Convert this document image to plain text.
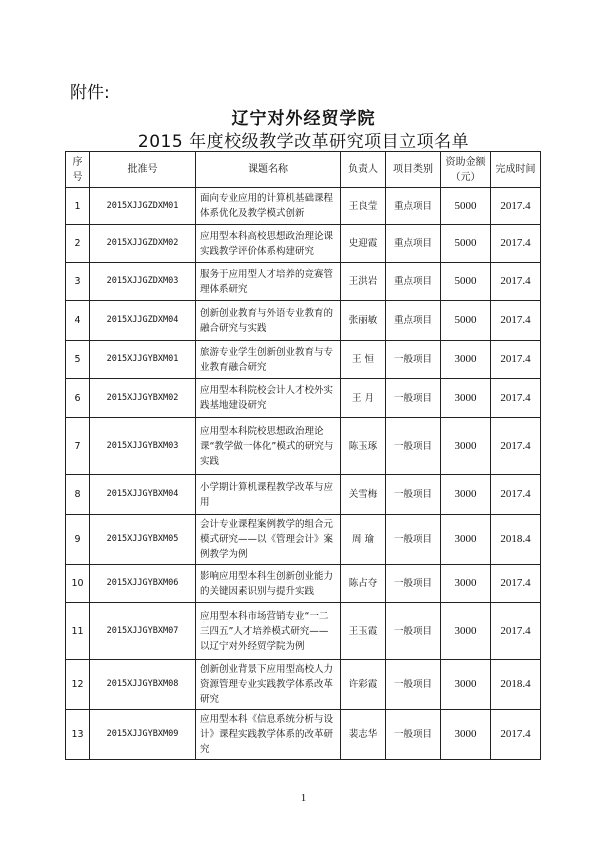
附件:
辽宁对外经贸学院
2015 年度校级教学改革研究项目立项名单
序号	批准号	课题名称	负责人	项目类别	资助金额（元）	完成时间
1	2015XJJGZDXM01	面向专业应用的计算机基础课程体系优化及教学模式创新	王良莹	重点项目	5000	2017.4
2	2015XJJGZDXM02	应用型本科高校思想政治理论课实践教学评价体系构建研究	史迎霞	重点项目	5000	2017.4
3	2015XJJGZDXM03	服务于应用型人才培养的竞赛管理体系研究	王洪岩	重点项目	5000	2017.4
4	2015XJJGZDXM04	创新创业教育与外语专业教育的融合研究与实践	张丽敏	重点项目	5000	2017.4
5	2015XJJGYBXM01	旅游专业学生创新创业教育与专业教育融合研究	王 恒	一般项目	3000	2017.4
6	2015XJJGYBXM02	应用型本科院校会计人才校外实践基地建设研究	王 月	一般项目	3000	2017.4
7	2015XJJGYBXM03	应用型本科院校思想政治理论课“教学做一体化”模式的研究与实践	陈玉琢	一般项目	3000	2017.4
8	2015XJJGYBXM04	小学期计算机课程教学改革与应用	关雪梅	一般项目	3000	2017.4
9	2015XJJGYBXM05	会计专业课程案例教学的组合元模式研究——以《管理会计》案例教学为例	周 瑜	一般项目	3000	2018.4
10	2015XJJGYBXM06	影响应用型本科生创新创业能力的关键因素识别与提升实践	陈占夺	一般项目	3000	2017.4
11	2015XJJGYBXM07	应用型本科市场营销专业“一二三四五”人才培养模式研究——以辽宁对外经贸学院为例	王玉霞	一般项目	3000	2017.4
12	2015XJJGYBXM08	创新创业背景下应用型高校人力资源管理专业实践教学体系改革研究	许彩霞	一般项目	3000	2018.4
13	2015XJJGYBXM09	应用型本科《信息系统分析与设计》课程实践教学体系的改革研究	裴志华	一般项目	3000	2017.4
1
